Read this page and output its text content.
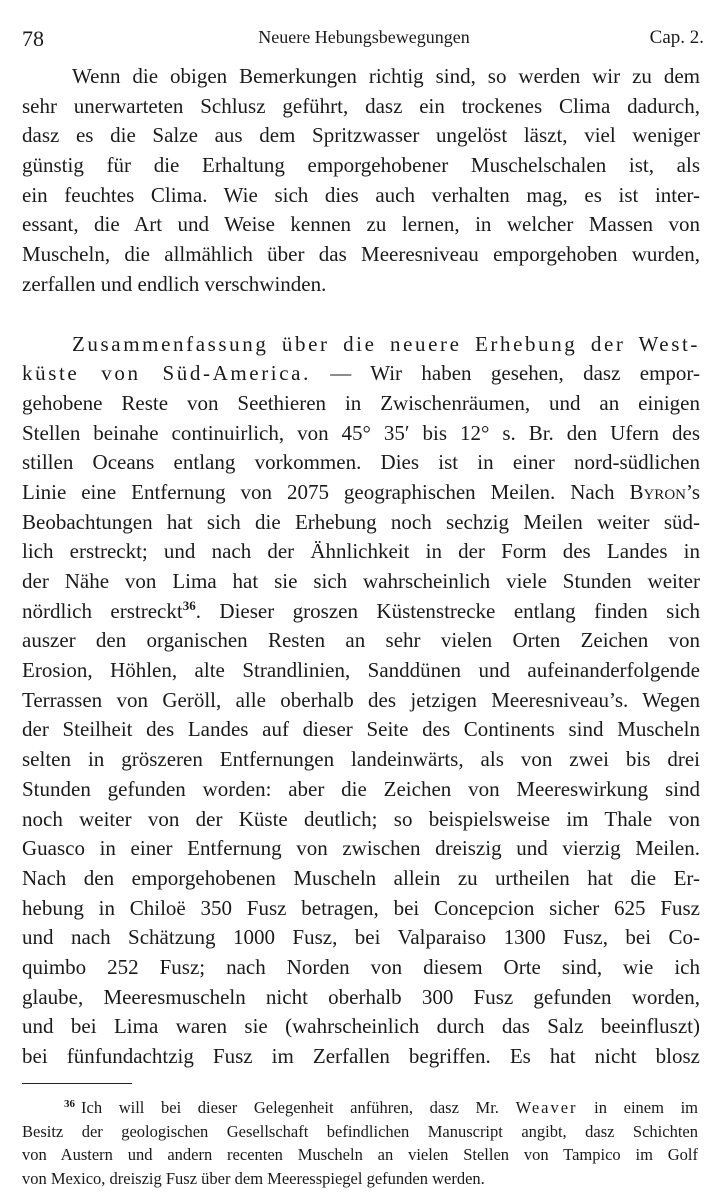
78	Neuere Hebungsbewegungen	Cap. 2.
Wenn die obigen Bemerkungen richtig sind, so werden wir zu dem
sehr unerwarteten Schlusz geführt, dasz ein trockenes Clima dadurch,
dasz es die Salze aus dem Spritzwasser ungelöst läszt, viel weniger
günstig für die Erhaltung emporgehobener Muschelschalen ist, als
ein feuchtes Clima. Wie sich dies auch verhalten mag, es ist inter-
essant, die Art und Weise kennen zu lernen, in welcher Massen von
Muscheln, die allmählich über das Meeresniveau emporgehoben wurden,
zerfallen und endlich verschwinden.
Zusammenfassung über die neuere Erhebung der West-
küste von Süd-America. — Wir haben gesehen, dasz empor-
gehobene Reste von Seethieren in Zwischenräumen, und an einigen
Stellen beinahe continuirlich, von 45° 35′ bis 12° s. Br. den Ufern des
stillen Oceans entlang vorkommen. Dies ist in einer nord-südlichen
Linie eine Entfernung von 2075 geographischen Meilen. Nach Byron’s
Beobachtungen hat sich die Erhebung noch sechzig Meilen weiter süd-
lich erstreckt; und nach der Ähnlichkeit in der Form des Landes in
der Nähe von Lima hat sie sich wahrscheinlich viele Stunden weiter
nördlich erstreckt$^{36}$. Dieser groszen Küstenstrecke entlang finden sich
auszer den organischen Resten an sehr vielen Orten Zeichen von
Erosion, Höhlen, alte Strandlinien, Sanddünen und aufeinanderfolgende
Terrassen von Geröll, alle oberhalb des jetzigen Meeresniveau’s. Wegen
der Steilheit des Landes auf dieser Seite des Continents sind Muscheln
selten in gröszeren Entfernungen landeinwärts, als von zwei bis drei
Stunden gefunden worden: aber die Zeichen von Meereswirkung sind
noch weiter von der Küste deutlich; so beispielsweise im Thale von
Guasco in einer Entfernung von zwischen dreiszig und vierzig Meilen.
Nach den emporgehobenen Muscheln allein zu urtheilen hat die Er-
hebung in Chiloë 350 Fusz betragen, bei Concepcion sicher 625 Fusz
und nach Schätzung 1000 Fusz, bei Valparaiso 1300 Fusz, bei Co-
quimbo 252 Fusz; nach Norden von diesem Orte sind, wie ich
glaube, Meeresmuscheln nicht oberhalb 300 Fusz gefunden worden,
und bei Lima waren sie (wahrscheinlich durch das Salz beeinfluszt)
bei fünfundachtzig Fusz im Zerfallen begriffen. Es hat nicht blosz
$^{36}$ Ich will bei dieser Gelegenheit anführen, dasz Mr. Weaver in einem im
Besitz der geologischen Gesellschaft befindlichen Manuscript angibt, dasz Schichten
von Austern und andern recenten Muscheln an vielen Stellen von Tampico im Golf
von Mexico, dreiszig Fusz über dem Meeresspiegel gefunden werden.
